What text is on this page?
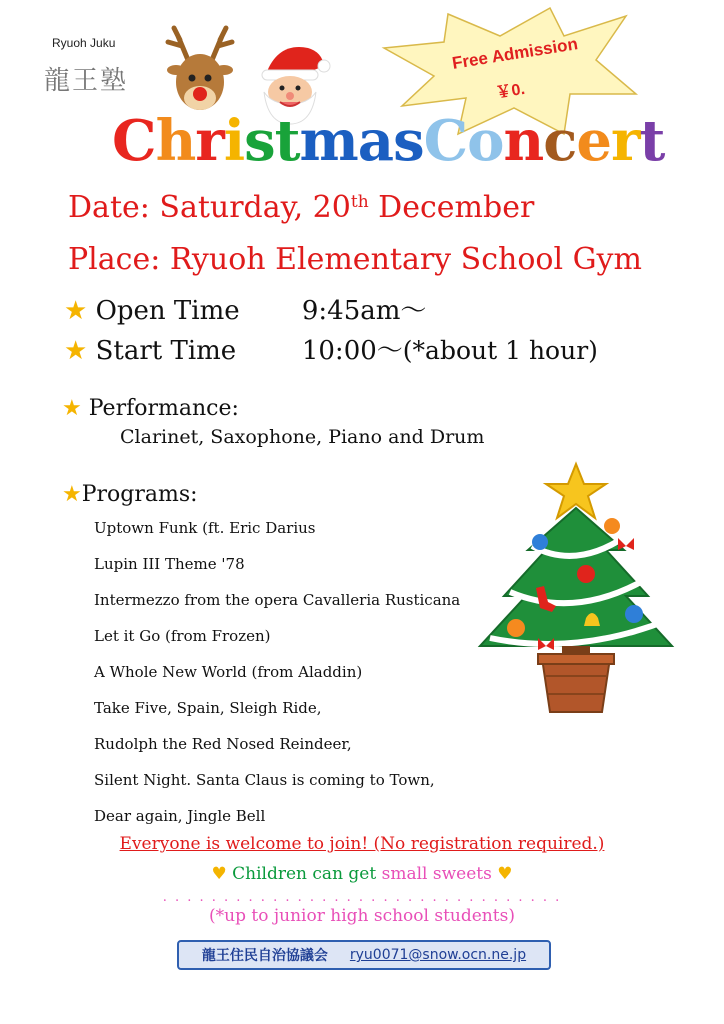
Ryuoh Juku
龍王塾
Free Admission
￥0.
ChristmasConcert
Date: Saturday, 20th December
Place: Ryuoh Elementary School Gym
★ Open Time 9:45am～
★ Start Time	10:00～(*about 1 hour)
★ Performance:
Clarinet, Saxophone, Piano and Drum
★Programs:
Uptown Funk (ft. Eric Darius
Lupin III Theme '78
Intermezzo from the opera Cavalleria Rusticana
Let it Go (from Frozen)
A Whole New World (from Aladdin)
Take Five, Spain, Sleigh Ride,
Rudolph the Red Nosed Reindeer,
Silent Night. Santa Claus is coming to Town,
Dear again, Jingle Bell
Everyone is welcome to join! (No registration required.)
♥ Children can get small sweets ♥
. . . . . . . . . . . . . . . . . . . . . . . . . . . . . . . . .
(*up to junior high school students)
龍王住民自治協議会 ryu0071@snow.ocn.ne.jp
